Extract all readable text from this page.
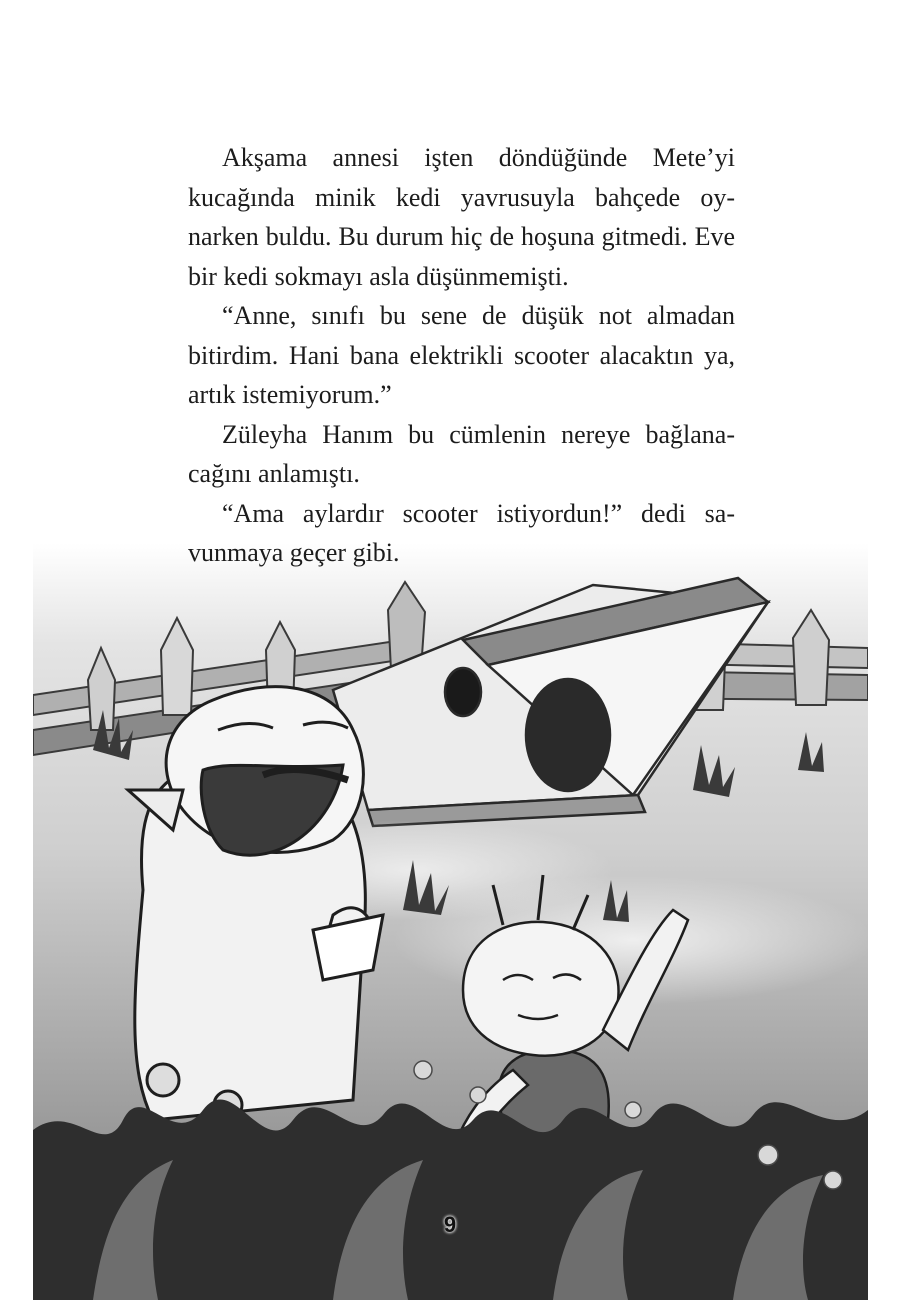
Akşama annesi işten döndüğünde Mete’yi kucağında minik kedi yavrusuyla bahçede oy- narken buldu. Bu durum hiç de hoşuna gitmedi. Eve bir kedi sokmayı asla düşünmemişti.

“Anne, sınıfı bu sene de düşük not almadan bitirdim. Hani bana elektrikli scooter alacaktın ya, artık istemiyorum.”

Züleyha Hanım bu cümlenin nereye bağlana- cağını anlamıştı.

“Ama aylardır scooter istiyordun!” dedi sa- vunmaya geçer gibi.

9
